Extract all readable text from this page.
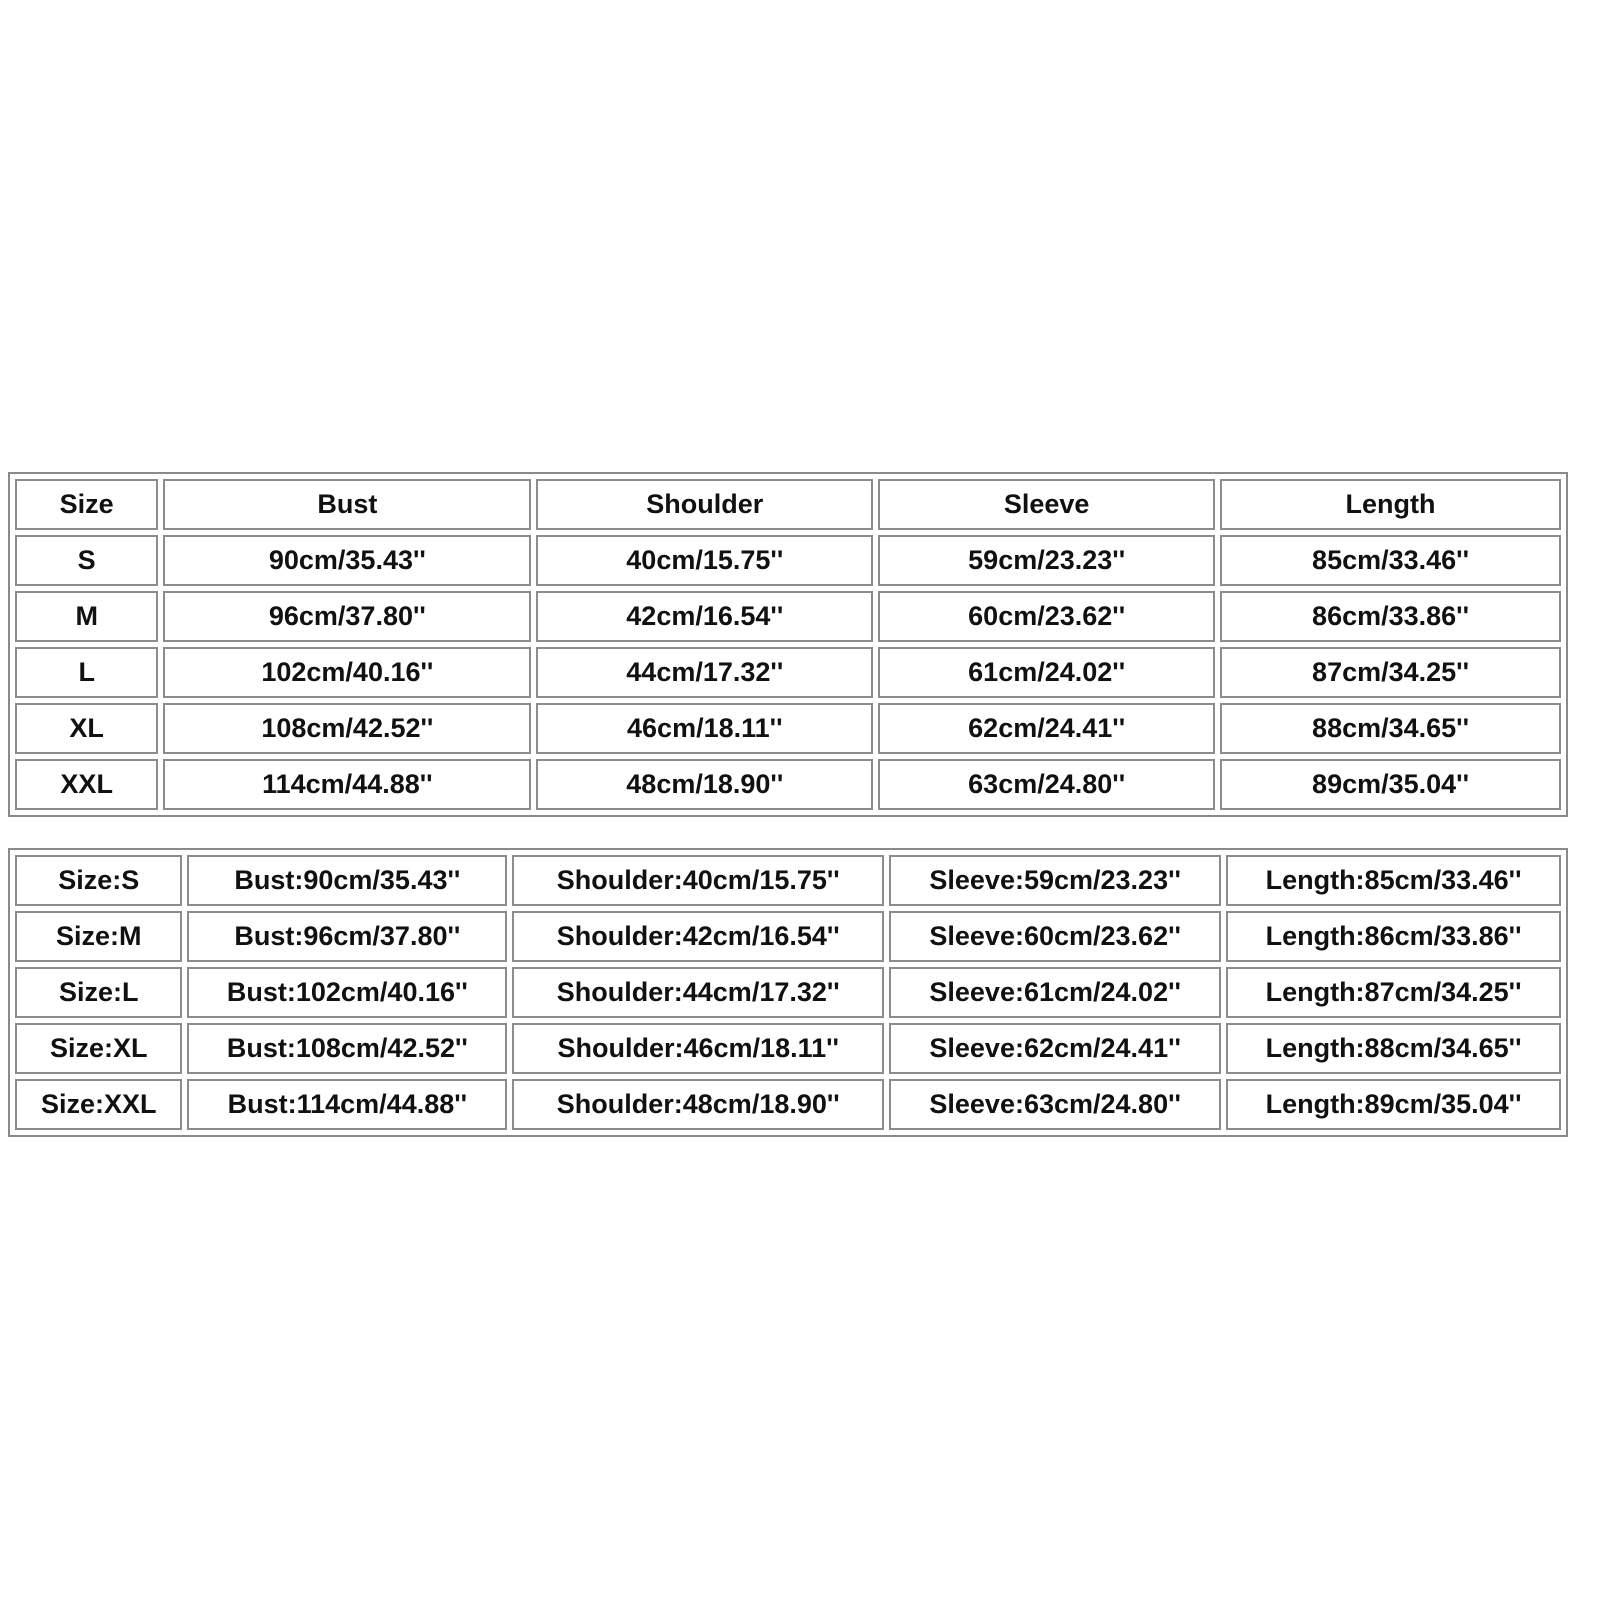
Size	Bust	Shoulder	Sleeve	Length
S	90cm/35.43''	40cm/15.75''	59cm/23.23''	85cm/33.46''
M	96cm/37.80''	42cm/16.54''	60cm/23.62''	86cm/33.86''
L	102cm/40.16''	44cm/17.32''	61cm/24.02''	87cm/34.25''
XL	108cm/42.52''	46cm/18.11''	62cm/24.41''	88cm/34.65''
XXL	114cm/44.88''	48cm/18.90''	63cm/24.80''	89cm/35.04''
Size:S	Bust:90cm/35.43''	Shoulder:40cm/15.75''	Sleeve:59cm/23.23''	Length:85cm/33.46''
Size:M	Bust:96cm/37.80''	Shoulder:42cm/16.54''	Sleeve:60cm/23.62''	Length:86cm/33.86''
Size:L	Bust:102cm/40.16''	Shoulder:44cm/17.32''	Sleeve:61cm/24.02''	Length:87cm/34.25''
Size:XL	Bust:108cm/42.52''	Shoulder:46cm/18.11''	Sleeve:62cm/24.41''	Length:88cm/34.65''
Size:XXL	Bust:114cm/44.88''	Shoulder:48cm/18.90''	Sleeve:63cm/24.80''	Length:89cm/35.04''
